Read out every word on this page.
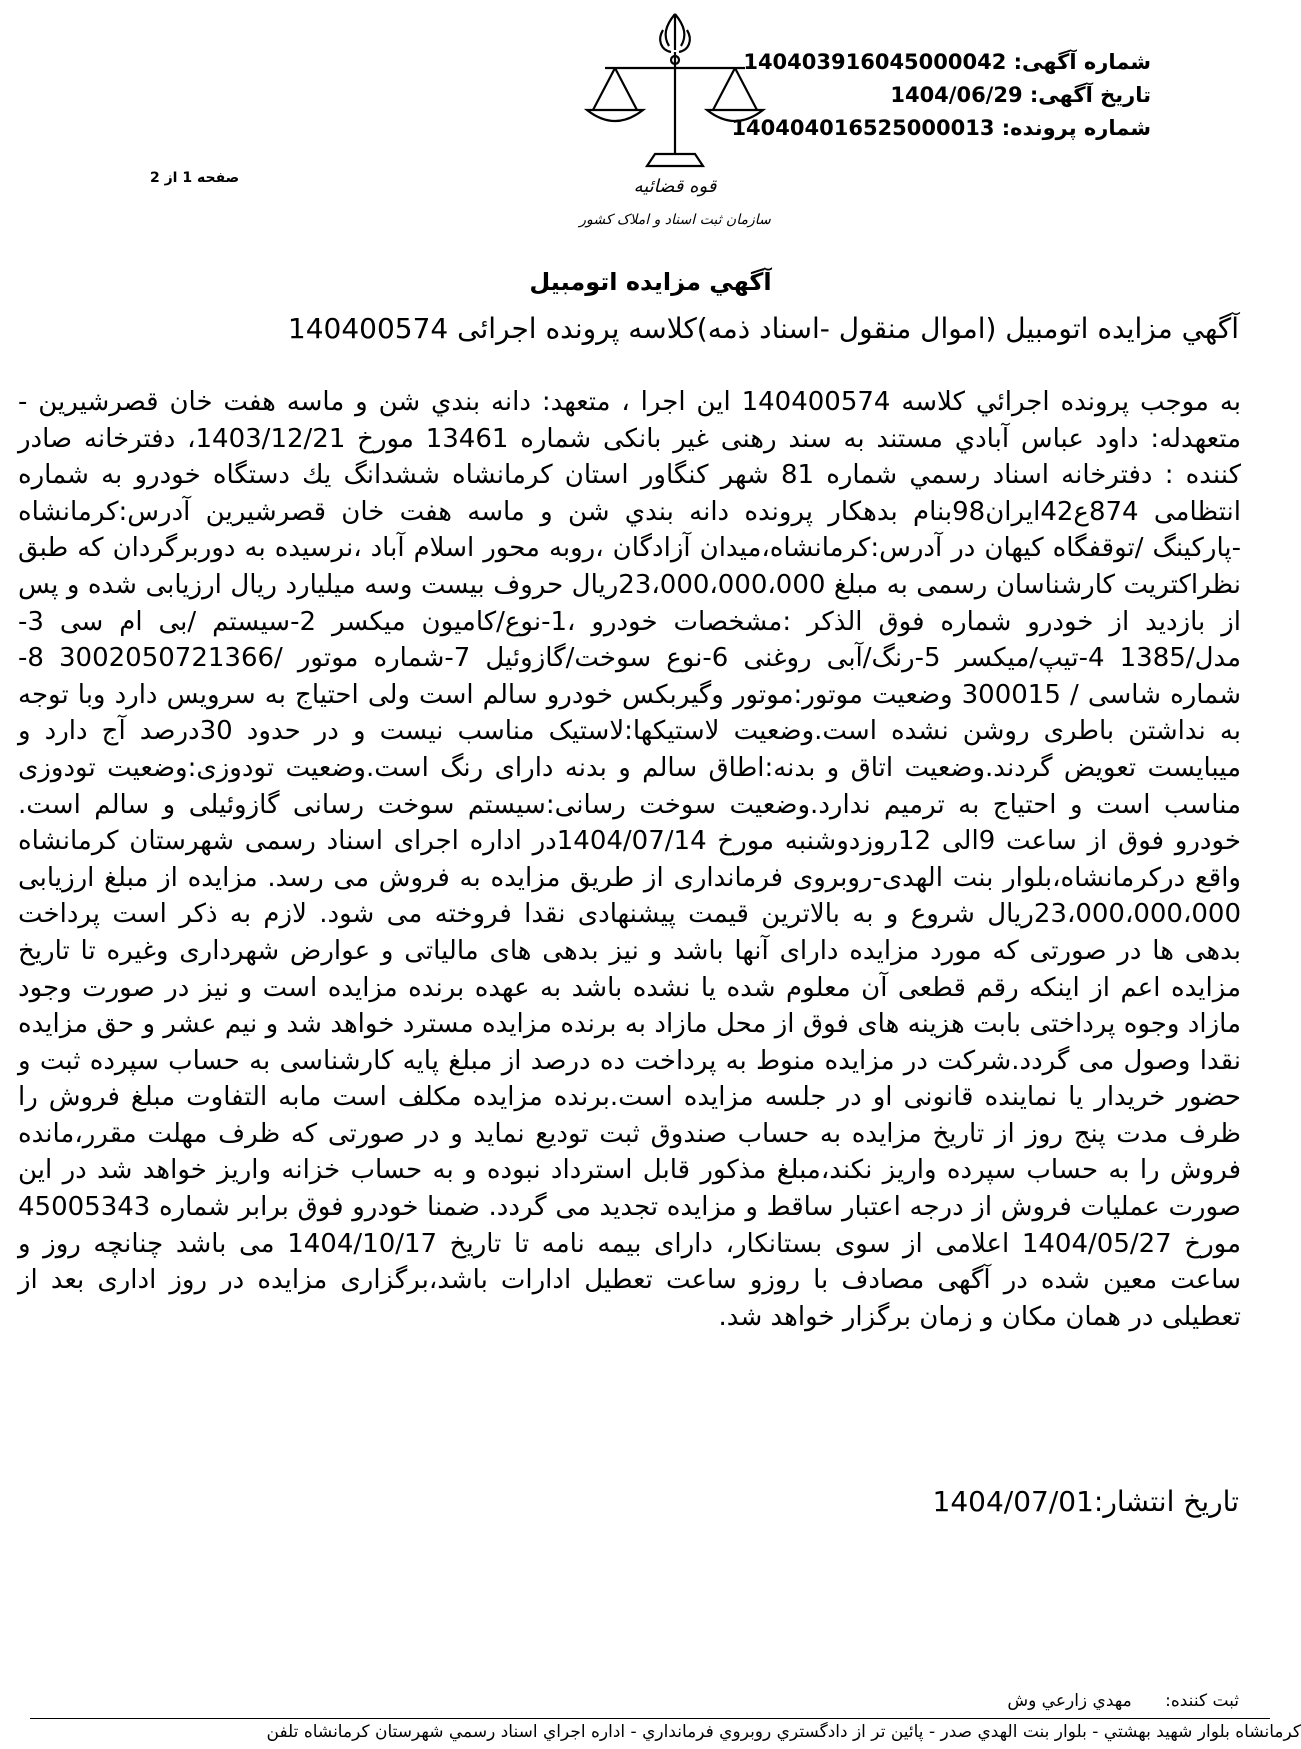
شماره آگهی: 140403916045000042
تاریخ آگهی: 1404/06/29
شماره پرونده: 140404016525000013
صفحه 1 از 2	قوه قضائیه
سازمان ثبت اسناد و املاک کشور
آگهي مزايده اتومبيل
آگهي مزايده اتومبيل (اموال منقول -اسناد ذمه)کلاسه پرونده اجرائی 140400574
به موجب پرونده اجرائي كلاسه 140400574 اين اجرا ، متعهد: دانه بندي شن و ماسه هفت خان قصرشيرين - متعهدله: داود عباس آبادي مستند به سند رهنی غیر بانکی شماره 13461 مورخ 1403/12/21، دفترخانه صادر کننده : دفترخانه اسناد رسمي شماره 81 شهر كنگاور استان كرمانشاه ششدانگ يك دستگاه خودرو به شماره انتظامی 874ع42ایران98بنام بدهکار پرونده دانه بندي شن و ماسه هفت خان قصرشيرين آدرس:کرمانشاه -پارکینگ /توقفگاه کیهان در آدرس:کرمانشاه،میدان آزادگان ،روبه محور اسلام آباد ،نرسیده به دوربرگردان که طبق نظراکتریت کارشناسان رسمی به مبلغ 23،000،000،000ریال حروف بیست وسه میلیارد ریال ارزیابی شده و پس از بازدید از خودرو شماره فوق الذکر :مشخصات خودرو ،1-نوع/کامیون میکسر 2-سیستم /بی ام سی 3-مدل/1385 4-تیپ/میکسر 5-رنگ/آبی روغنی 6-نوع سوخت/گازوئیل 7-شماره موتور /3002050721366 8-شماره شاسی / 300015 وضعیت موتور:موتور وگیربکس خودرو سالم است ولی احتیاج به سرویس دارد وبا توجه به نداشتن باطری روشن نشده است.وضعیت لاستیکها:لاستیک مناسب نیست و در حدود 30درصد آج دارد و میبایست تعویض گردند.وضعیت اتاق و بدنه:اطاق سالم و بدنه دارای رنگ است.وضعیت تودوزی:وضعیت تودوزی مناسب است و احتیاج به ترمیم ندارد.وضعیت سوخت رسانی:سیستم سوخت رسانی گازوئیلی و سالم است. خودرو فوق از ساعت 9الی 12روزدوشنبه مورخ 1404/07/14در اداره اجرای اسناد رسمی شهرستان کرمانشاه واقع درکرمانشاه،بلوار بنت الهدی-روبروی فرمانداری از طریق مزایده به فروش می رسد. مزایده از مبلغ ارزیابی 23،000،000،000ریال شروع و به بالاترین قیمت پیشنهادی نقدا فروخته می شود. لازم به ذکر است پرداخت بدهی ها در صورتی که مورد مزایده دارای آنها باشد و نیز بدهی های مالیاتی و عوارض شهرداری وغیره تا تاریخ مزایده اعم از اینکه رقم قطعی آن معلوم شده یا نشده باشد به عهده برنده مزایده است و نیز در صورت وجود مازاد وجوه پرداختی بابت هزینه های فوق از محل مازاد به برنده مزایده مسترد خواهد شد و نیم عشر و حق مزایده نقدا وصول می گردد.شرکت در مزایده منوط به پرداخت ده درصد از مبلغ پایه کارشناسی به حساب سپرده ثبت و حضور خریدار یا نماینده قانونی او در جلسه مزایده است.برنده مزایده مکلف است مابه التفاوت مبلغ فروش را ظرف مدت پنج روز از تاریخ مزایده به حساب صندوق ثبت تودیع نماید و در صورتی که ظرف مهلت مقرر،مانده فروش را به حساب سپرده واریز نکند،مبلغ مذکور قابل استرداد نبوده و به حساب خزانه واریز خواهد شد در این صورت عملیات فروش از درجه اعتبار ساقط و مزایده تجدید می گردد. ضمنا خودرو فوق برابر شماره 45005343 مورخ 1404/05/27 اعلامی از سوی بستانکار، دارای بیمه نامه تا تاریخ 1404/10/17 می باشد چنانچه روز و ساعت معین شده در آگهی مصادف با روزو ساعت تعطیل ادارات باشد،برگزاری مزایده در روز اداری بعد از تعطیلی در همان مکان و زمان برگزار خواهد شد.
تاریخ انتشار:1404/07/01
ثبت كننده: مهدي زارعي وش
كرمانشاه بلوار شهيد بهشتي - بلوار بنت الهدي صدر - پائين تر از دادگستري روبروي فرمانداري - اداره اجراي اسناد رسمي شهرستان كرمانشاه تلفن
